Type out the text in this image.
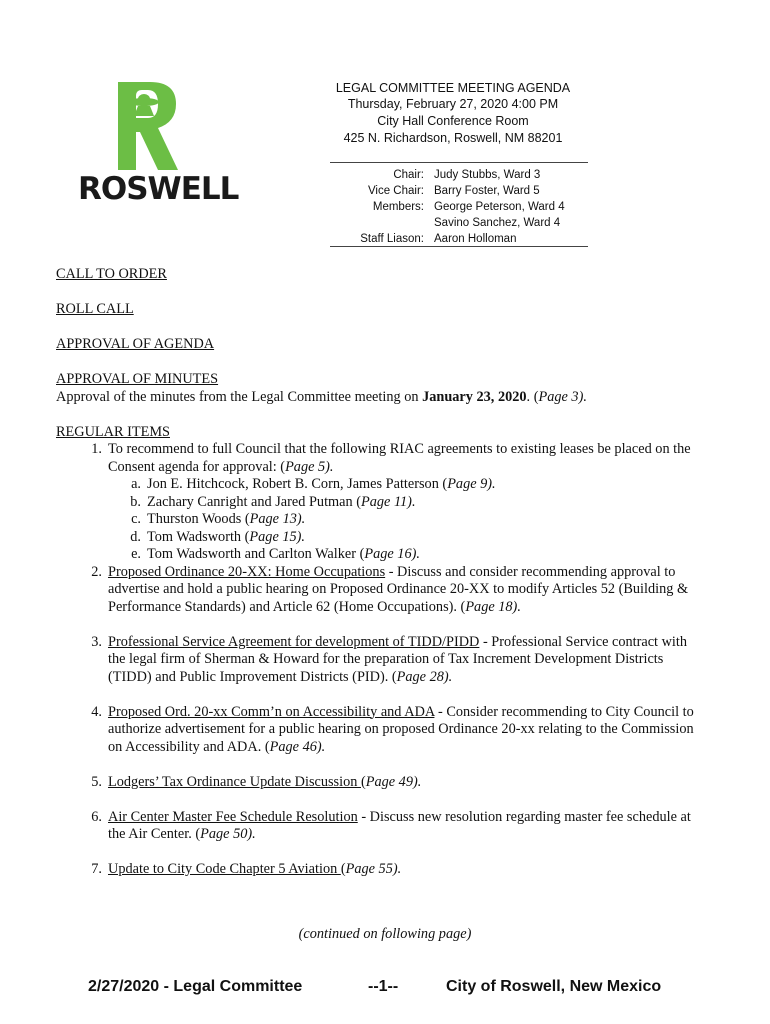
ROSWELL
LEGAL COMMITTEE MEETING AGENDA
Thursday, February 27, 2020 4:00 PM
City Hall Conference Room
425 N. Richardson, Roswell, NM 88201
Chair: Judy Stubbs, Ward 3
Vice Chair: Barry Foster, Ward 5
Members: George Peterson, Ward 4
Savino Sanchez, Ward 4
Staff Liason: Aaron Holloman
CALL TO ORDER
ROLL CALL
APPROVAL OF AGENDA
APPROVAL OF MINUTES
Approval of the minutes from the Legal Committee meeting on January 23, 2020. (Page 3).
REGULAR ITEMS
1. To recommend to full Council that the following RIAC agreements to existing leases be placed on the Consent agenda for approval: (Page 5).
a. Jon E. Hitchcock, Robert B. Corn, James Patterson (Page 9).
b. Zachary Canright and Jared Putman (Page 11).
c. Thurston Woods (Page 13).
d. Tom Wadsworth (Page 15).
e. Tom Wadsworth and Carlton Walker (Page 16).
2. Proposed Ordinance 20-XX: Home Occupations - Discuss and consider recommending approval to advertise and hold a public hearing on Proposed Ordinance 20-XX to modify Articles 52 (Building & Performance Standards) and Article 62 (Home Occupations). (Page 18).
3. Professional Service Agreement for development of TIDD/PIDD - Professional Service contract with the legal firm of Sherman & Howard for the preparation of Tax Increment Development Districts (TIDD) and Public Improvement Districts (PID). (Page 28).
4. Proposed Ord. 20-xx Comm’n on Accessibility and ADA - Consider recommending to City Council to authorize advertisement for a public hearing on proposed Ordinance 20-xx relating to the Commission on Accessibility and ADA. (Page 46).
5. Lodgers’ Tax Ordinance Update Discussion (Page 49).
6. Air Center Master Fee Schedule Resolution - Discuss new resolution regarding master fee schedule at the Air Center. (Page 50).
7. Update to City Code Chapter 5 Aviation (Page 55).
(continued on following page)
2/27/2020 - Legal Committee	--1--	City of Roswell, New Mexico
